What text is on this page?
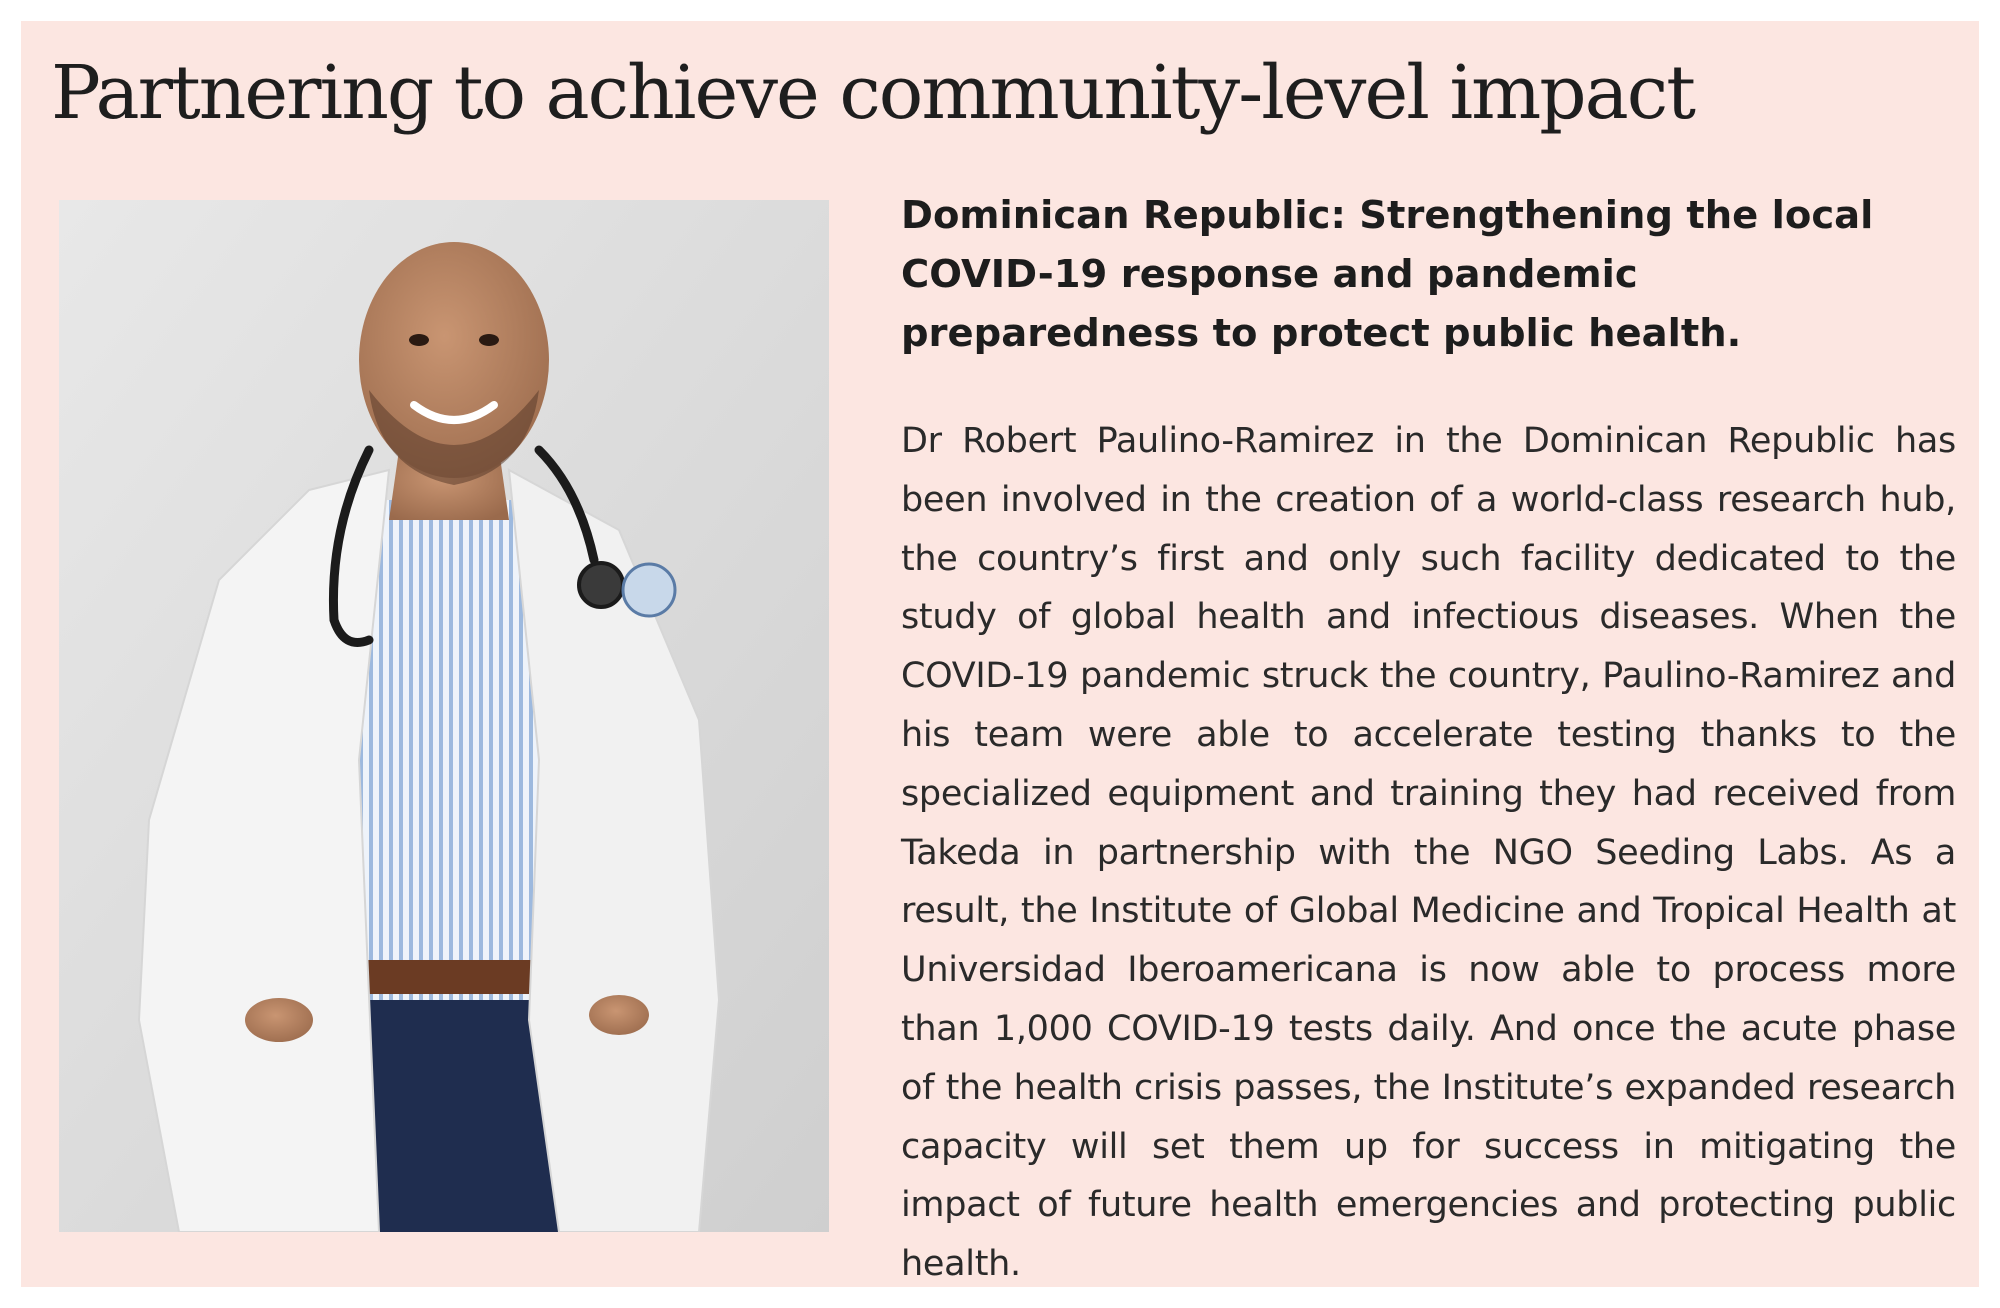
Partnering to achieve community-level impact
Dominican Republic: Strengthening the local COVID-19 response and pandemic preparedness to protect public health.

Dr Robert Paulino-Ramirez in the Dominican Republic has been involved in the creation of a world-class research hub, the country’s first and only such facility dedicated to the study of global health and infectious diseases. When the COVID-19 pandemic struck the country, Paulino-Ramirez and his team were able to accelerate testing thanks to the specialized equipment and training they had received from Takeda in partnership with the NGO Seeding Labs. As a result, the Institute of Global Medicine and Tropical Health at Universidad Iberoamericana is now able to process more than 1,000 COVID-19 tests daily. And once the acute phase of the health crisis passes, the Institute’s expanded research capacity will set them up for success in mitigating the impact of future health emergencies and protecting public health.
